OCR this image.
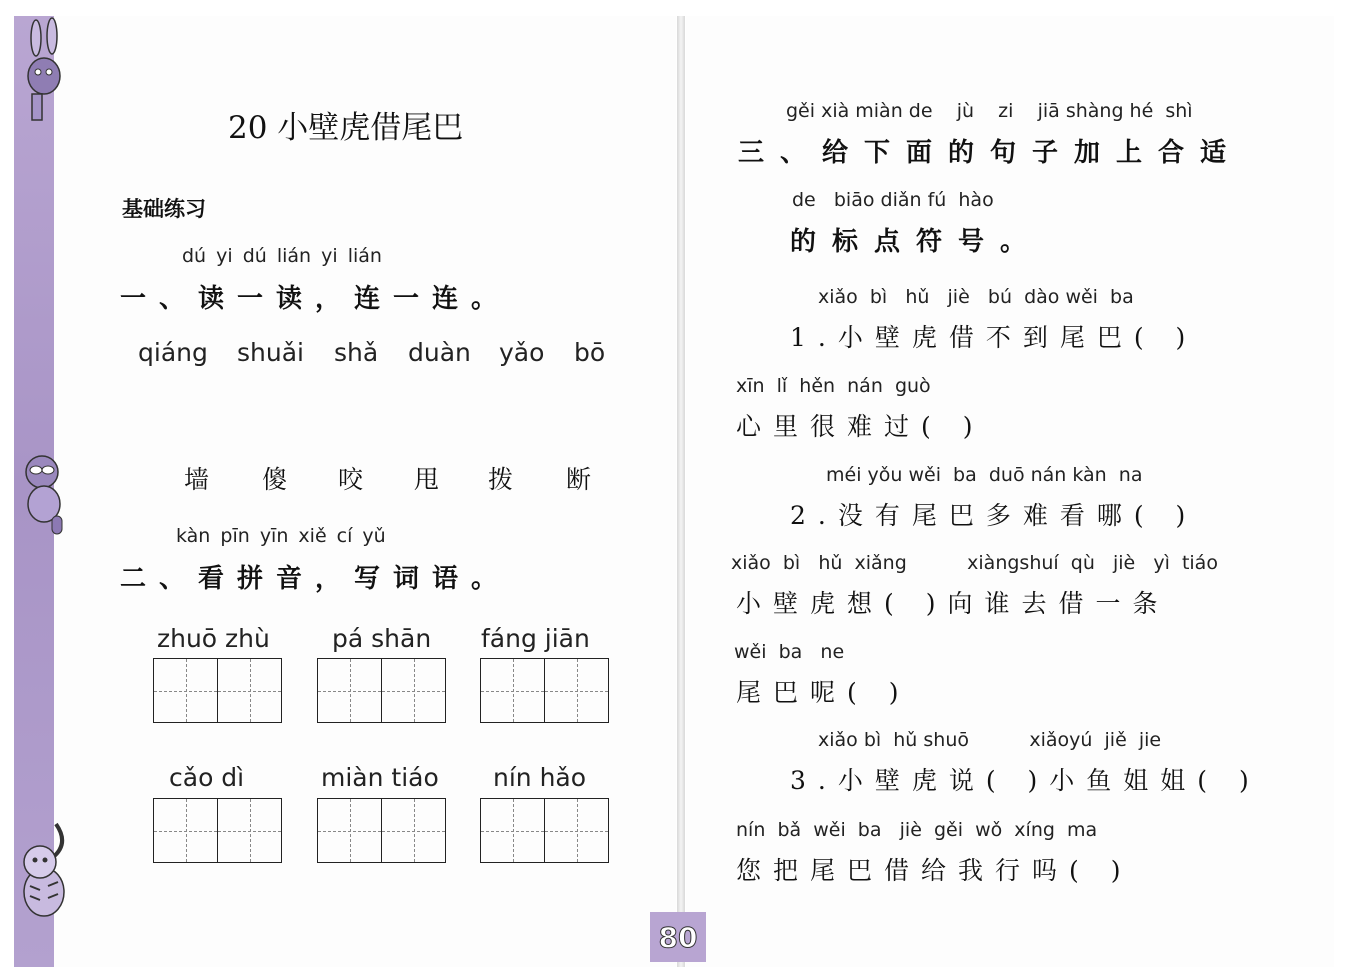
20 小壁虎借尾巴
基础练习
dú yi dú lián yi lián
一、读一读，连一连。
qiáng shuǎi shǎ duàn yǎo bō
墙 傻 咬 甩 拨 断
kàn pīn yīn xiě cí yǔ
二、看拼音，写词语。
zhuō zhù pá shān fáng jiān
cǎo dì	miàn tiáo nín hǎo
gěi xià miàn de    jù    zi    jiā shàng hé  shì
三、给下面的句子加上合适
de   biāo diǎn fú  hào
的标点符号。
xiǎo  bì   hǔ   jiè   bú  dào wěi  ba
1.小壁虎借不到尾巴( )
xīn  lǐ  hěn  nán  guò
心里很难过( )
méi yǒu wěi  ba  duō nán kàn  na
2.没有尾巴多难看哪( )
xiǎo  bì   hǔ  xiǎng          xiàngshuí  qù   jiè   yì  tiáo
小壁虎想( )向谁去借一条
wěi  ba   ne
尾巴呢( )
xiǎo bì  hǔ shuō          xiǎoyú  jiě  jie
3.小壁虎说( )小鱼姐姐( )
nín  bǎ  wěi  ba   jiè  gěi  wǒ  xíng  ma
您把尾巴借给我行吗( )
80
